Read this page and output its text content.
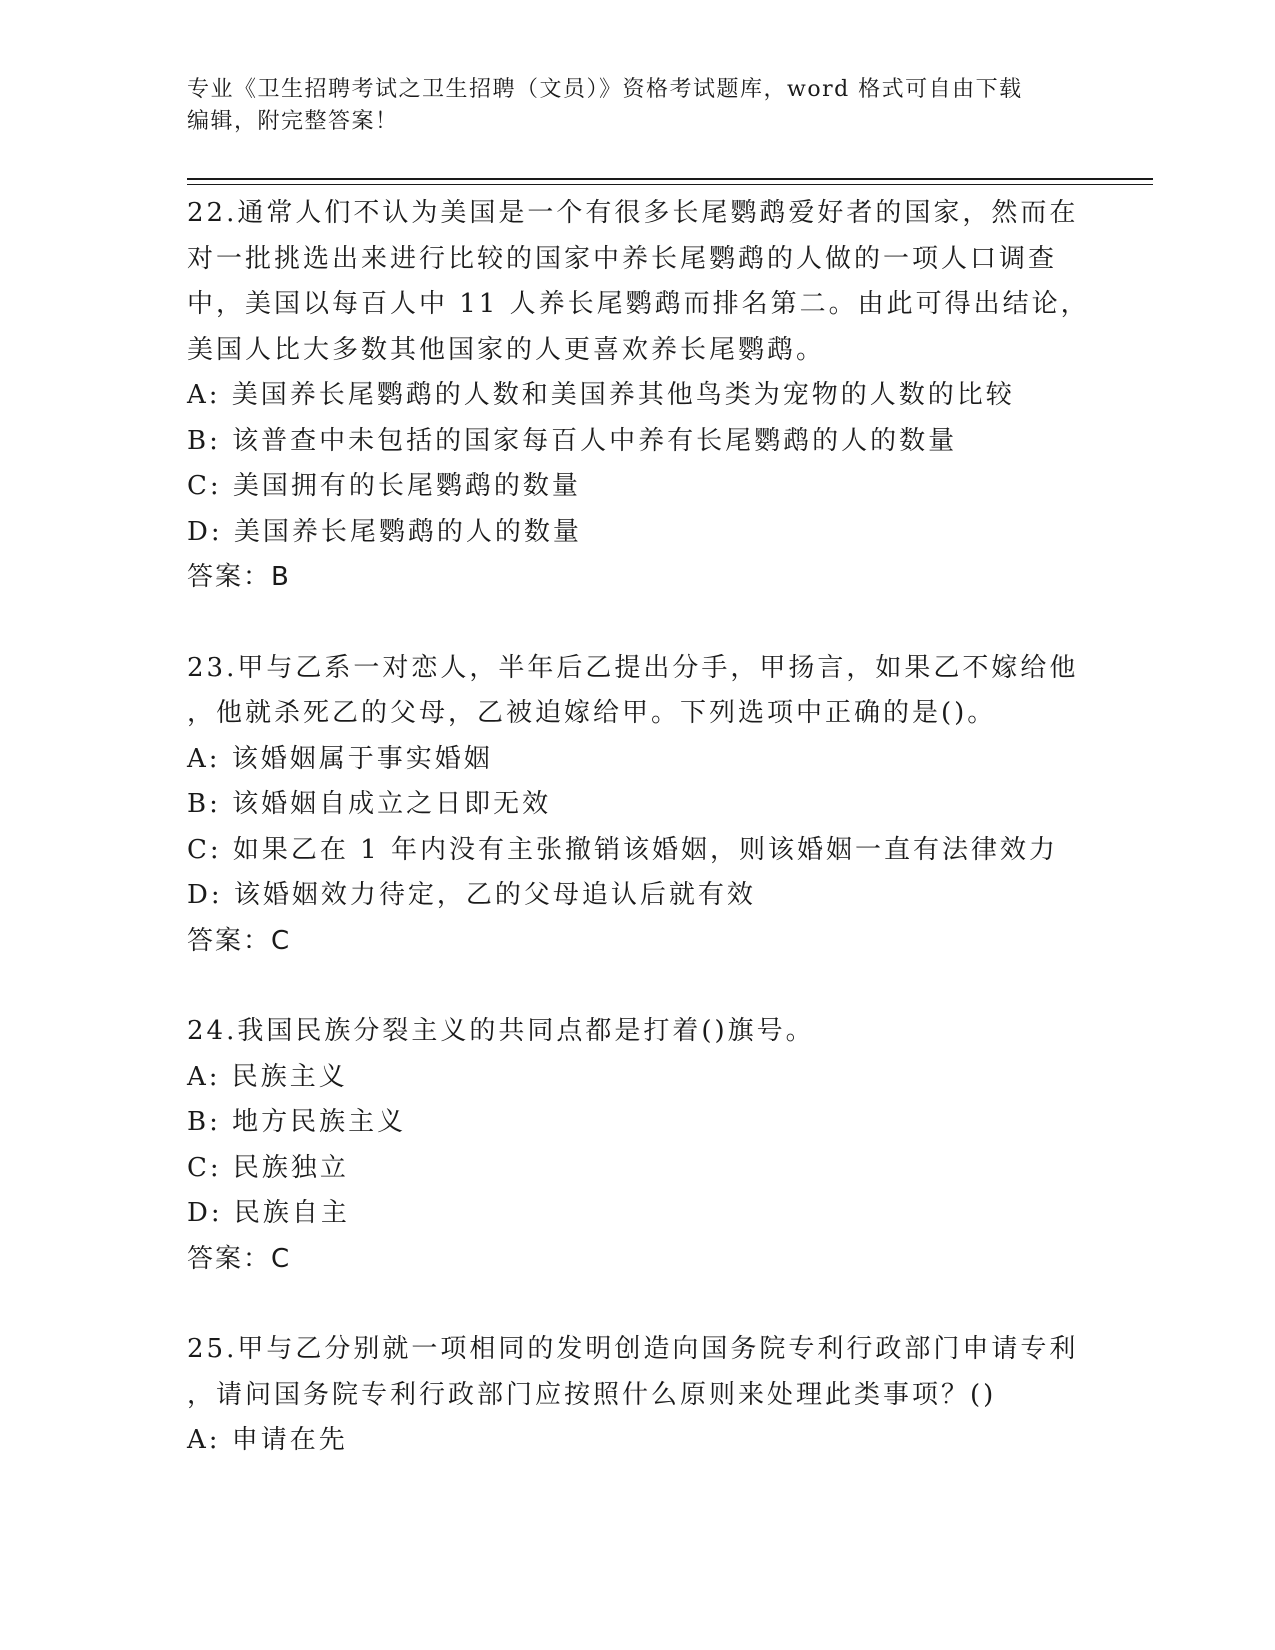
专业《卫生招聘考试之卫生招聘（文员）》资格考试题库，word 格式可自由下载
编辑，附完整答案！
22.通常人们不认为美国是一个有很多长尾鹦鹉爱好者的国家，然而在
对一批挑选出来进行比较的国家中养长尾鹦鹉的人做的一项人口调查
中，美国以每百人中 11 人养长尾鹦鹉而排名第二。由此可得出结论，
美国人比大多数其他国家的人更喜欢养长尾鹦鹉。
A: 美国养长尾鹦鹉的人数和美国养其他鸟类为宠物的人数的比较
B: 该普查中未包括的国家每百人中养有长尾鹦鹉的人的数量
C: 美国拥有的长尾鹦鹉的数量
D: 美国养长尾鹦鹉的人的数量
答案：B
23.甲与乙系一对恋人，半年后乙提出分手，甲扬言，如果乙不嫁给他
，他就杀死乙的父母，乙被迫嫁给甲。下列选项中正确的是()。
A: 该婚姻属于事实婚姻
B: 该婚姻自成立之日即无效
C: 如果乙在 1 年内没有主张撤销该婚姻，则该婚姻一直有法律效力
D: 该婚姻效力待定，乙的父母追认后就有效
答案：C
24.我国民族分裂主义的共同点都是打着()旗号。
A: 民族主义
B: 地方民族主义
C: 民族独立
D: 民族自主
答案：C
25.甲与乙分别就一项相同的发明创造向国务院专利行政部门申请专利
，请问国务院专利行政部门应按照什么原则来处理此类事项？()
A: 申请在先
